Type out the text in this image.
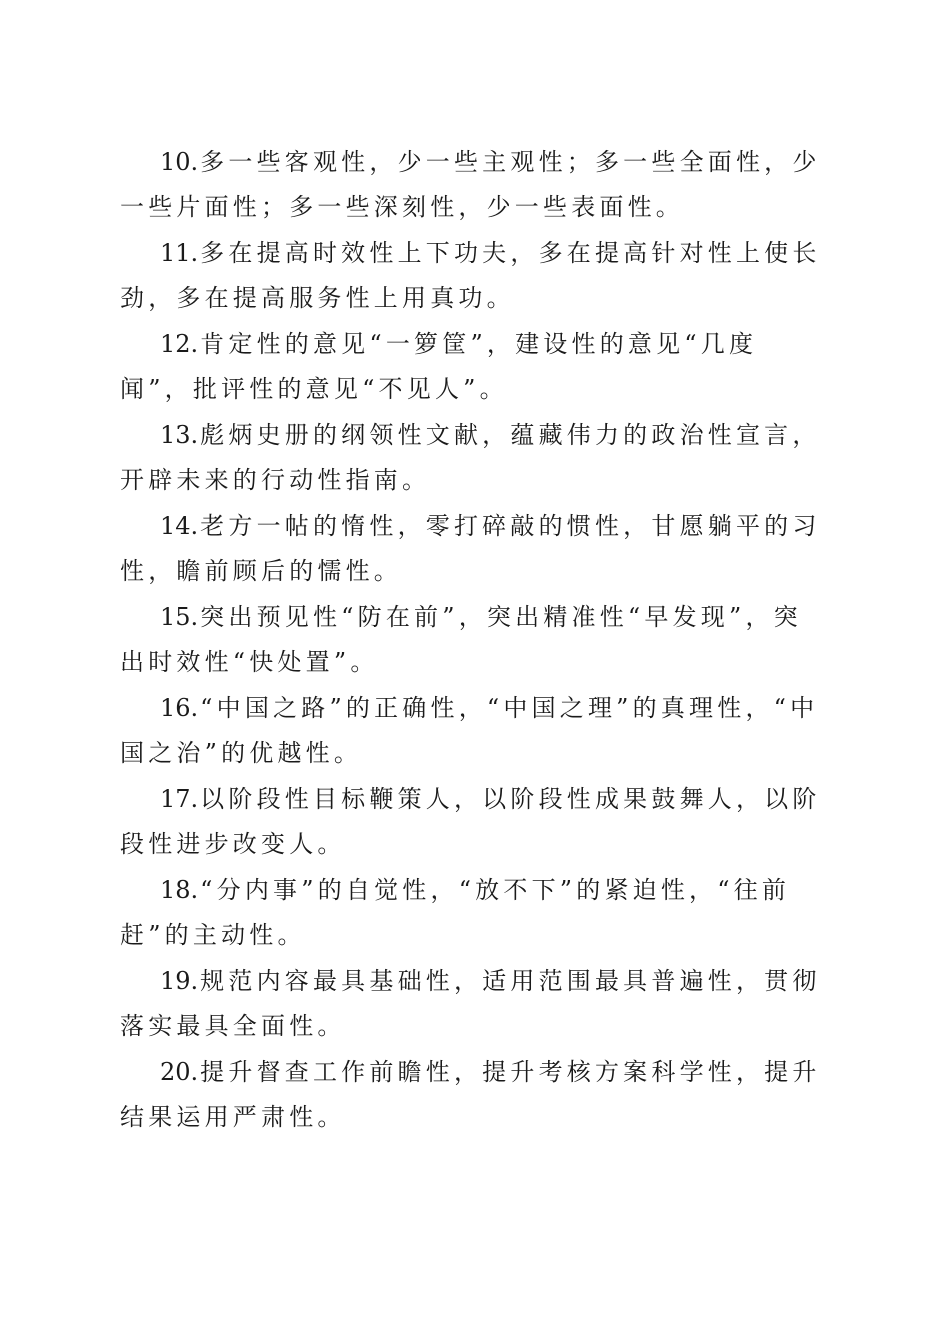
10.多一些客观性，少一些主观性；多一些全面性，少一些片面性；多一些深刻性，少一些表面性。

11.多在提高时效性上下功夫，多在提高针对性上使长劲，多在提高服务性上用真功。

12.肯定性的意见“一箩筐”，建设性的意见“几度闻”，批评性的意见“不见人”。

13.彪炳史册的纲领性文献，蕴藏伟力的政治性宣言，开辟未来的行动性指南。

14.老方一帖的惰性，零打碎敲的惯性，甘愿躺平的习性，瞻前顾后的懦性。

15.突出预见性“防在前”，突出精准性“早发现”，突出时效性“快处置”。

16.“中国之路”的正确性，“中国之理”的真理性，“中国之治”的优越性。

17.以阶段性目标鞭策人，以阶段性成果鼓舞人，以阶段性进步改变人。

18.“分内事”的自觉性，“放不下”的紧迫性，“往前赶”的主动性。

19.规范内容最具基础性，适用范围最具普遍性，贯彻落实最具全面性。

20.提升督查工作前瞻性，提升考核方案科学性，提升结果运用严肃性。
